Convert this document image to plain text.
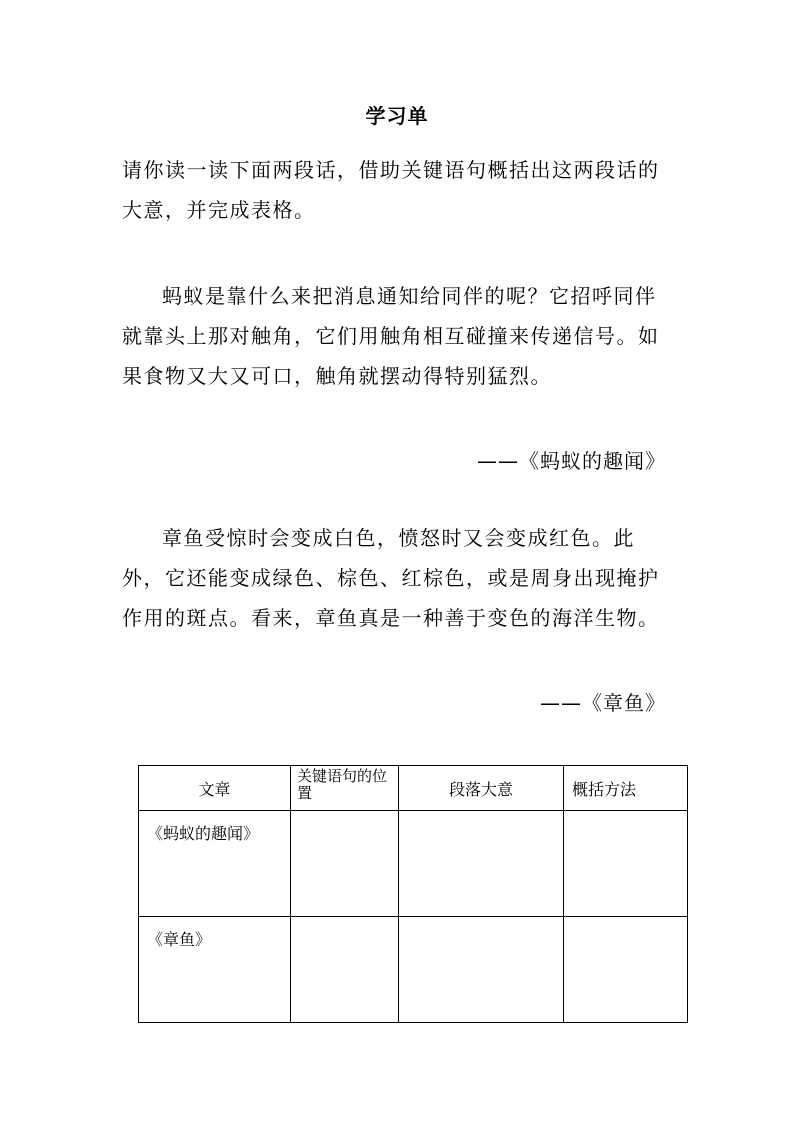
学习单
请你读一读下面两段话，借助关键语句概括出这两段话的大意，并完成表格。
蚂蚁是靠什么来把消息通知给同伴的呢？它招呼同伴就靠头上那对触角，它们用触角相互碰撞来传递信号。如果食物又大又可口，触角就摆动得特别猛烈。
——《蚂蚁的趣闻》
章鱼受惊时会变成白色，愤怒时又会变成红色。此外，它还能变成绿色、棕色、红棕色，或是周身出现掩护作用的斑点。看来，章鱼真是一种善于变色的海洋生物。
——《章鱼》
文章	关键语句的位置	段落大意	概括方法
《蚂蚁的趣闻》			
《章鱼》			
